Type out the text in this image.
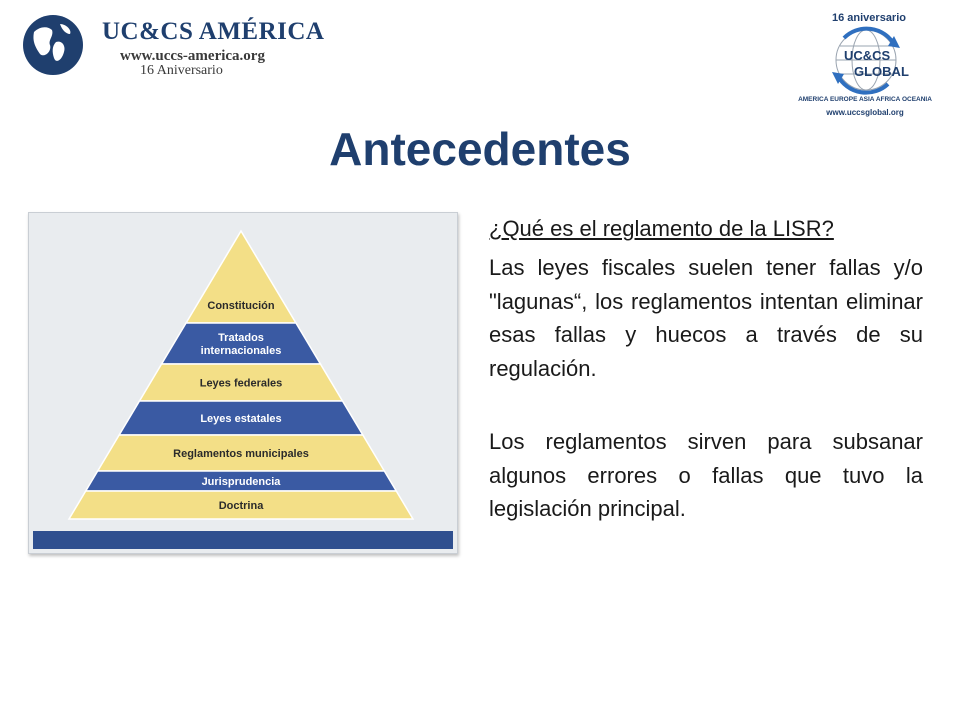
UC&CS AMÉRICA
www.uccs-america.org
16 Aniversario
16 aniversario
UC&CS
GLOBAL
AMERICA EUROPE ASIA AFRICA OCEANIA
www.uccsglobal.org
Antecedentes
Constitución
Tratados
internacionales
Leyes federales
Leyes estatales
Reglamentos municipales
Jurisprudencia
Doctrina

¿Qué es el reglamento de la LISR?

Las leyes fiscales suelen tener fallas y/o "lagunas“, los reglamentos intentan eliminar esas fallas y huecos a través de su regulación.

Los reglamentos sirven para subsanar algunos errores o fallas que tuvo la legislación principal.
